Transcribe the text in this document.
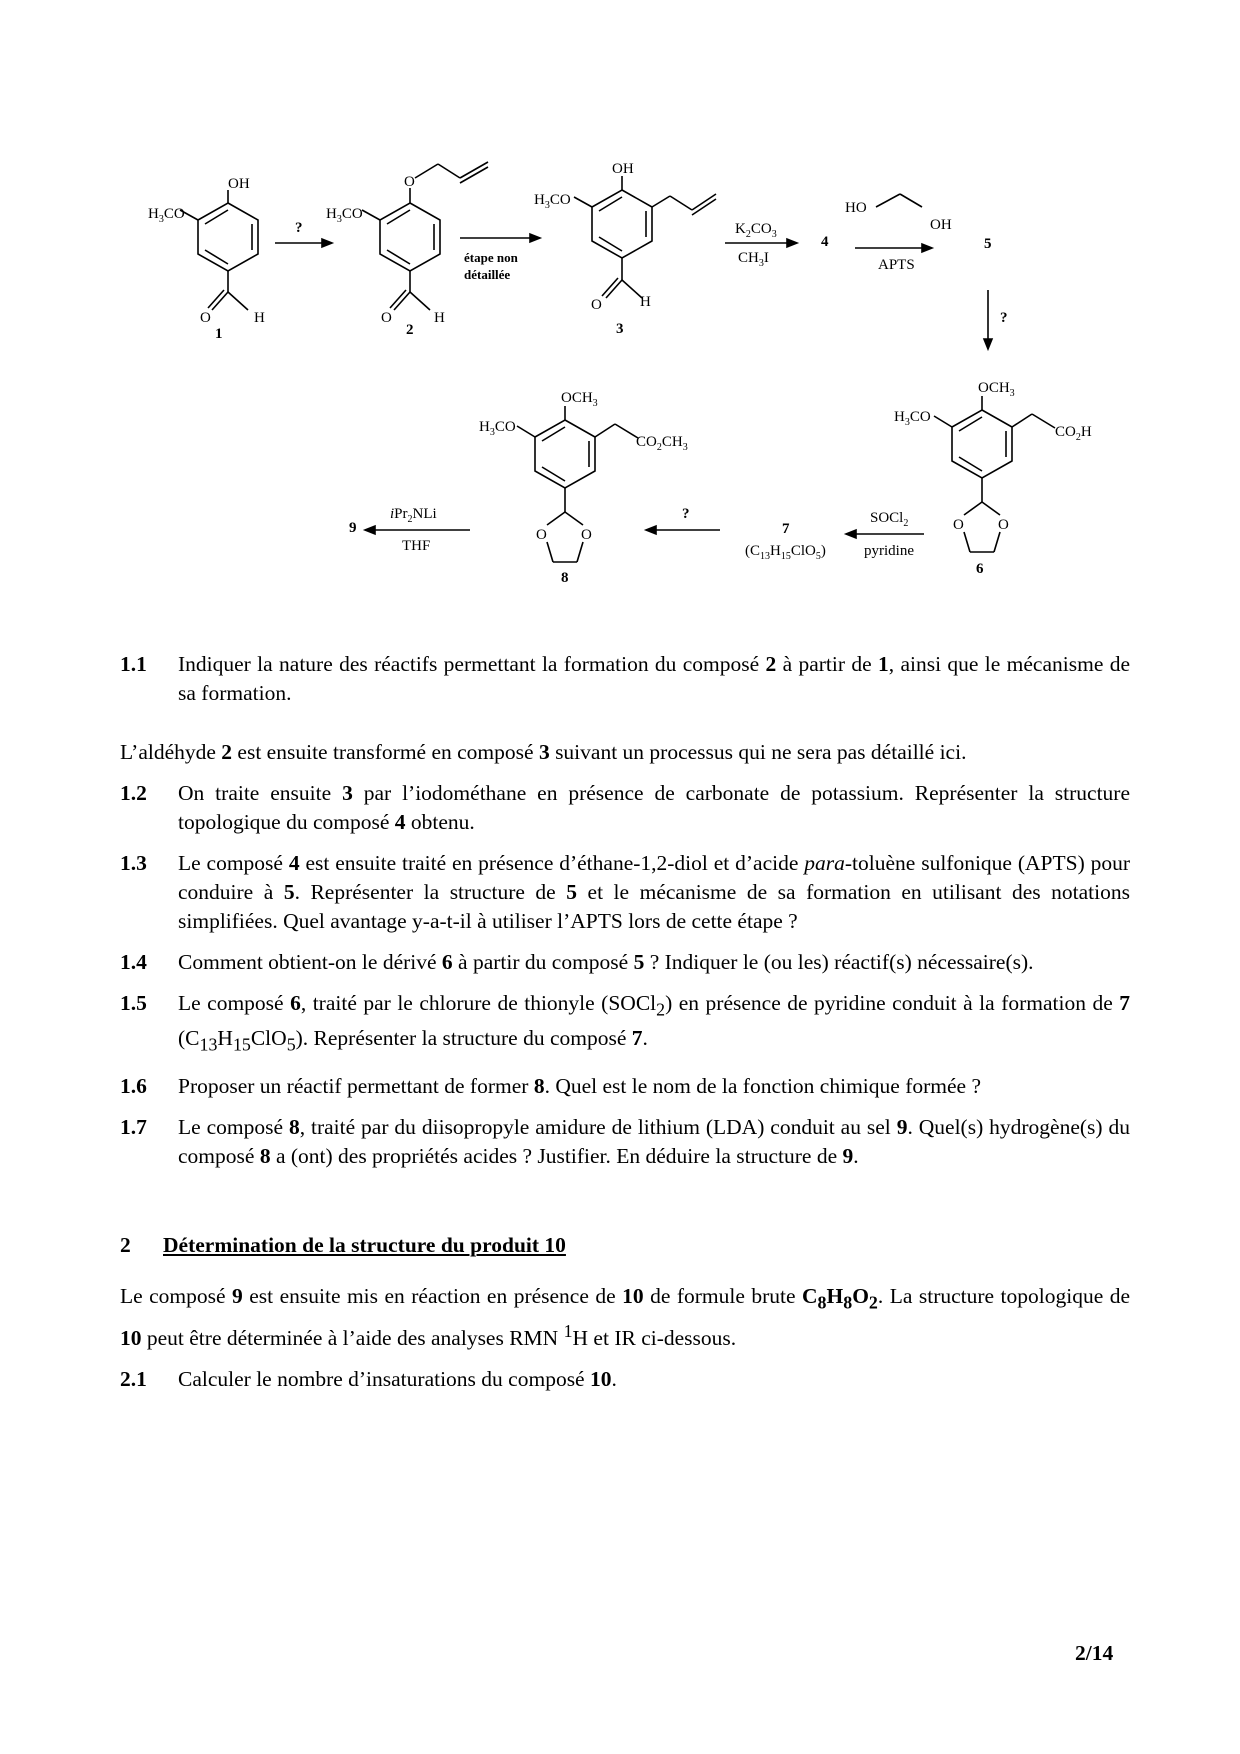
OH
$H_3CO$
O	H
1
?
$H_3CO$
O
O	H
2
étape non
détaillée
OH
$H_3CO$
O	H
3
$K_2CO_3$
$CH_3I$
4
HO
OH
APTS
5
?
$OCH_3$
$H_3CO$
$CO_2H$
O O
6
SOCl$_2$
pyridine
7
$(C_{13}H_{15}ClO_5)$
?
$OCH_3$
$H_3CO$
$CO_2CH_3$
O O
8
iPr$_2$NLi
THF
9
1.1	Indiquer la nature des réactifs permettant la formation du composé 2 à partir de 1, ainsi que le mécanisme de sa formation.
L’aldéhyde 2 est ensuite transformé en composé 3 suivant un processus qui ne sera pas détaillé ici.
1.2	On traite ensuite 3 par l’iodométhane en présence de carbonate de potassium. Représenter la structure topologique du composé 4 obtenu.
1.3	Le composé 4 est ensuite traité en présence d’éthane-1,2-diol et d’acide para-toluène sulfonique (APTS) pour conduire à 5. Représenter la structure de 5 et le mécanisme de sa formation en utilisant des notations simplifiées. Quel avantage y-a-t-il à utiliser l’APTS lors de cette étape ?
1.4	Comment obtient-on le dérivé 6 à partir du composé 5 ? Indiquer le (ou les) réactif(s) nécessaire(s).
1.5	Le composé 6, traité par le chlorure de thionyle (SOCl$_2$) en présence de pyridine conduit à la formation de 7 $(C_{13}H_{15}ClO_5)$. Représenter la structure du composé 7.
1.6	Proposer un réactif permettant de former 8. Quel est le nom de la fonction chimique formée ?
1.7	Le composé 8, traité par du diisopropyle amidure de lithium (LDA) conduit au sel 9. Quel(s) hydrogène(s) du composé 8 a (ont) des propriétés acides ? Justifier. En déduire la structure de 9.
2	Détermination de la structure du produit 10
Le composé 9 est ensuite mis en réaction en présence de 10 de formule brute $C_8H_8O_2$. La structure topologique de 10 peut être déterminée à l’aide des analyses RMN $^1$H et IR ci-dessous.
2.1	Calculer le nombre d’insaturations du composé 10.
2/14
